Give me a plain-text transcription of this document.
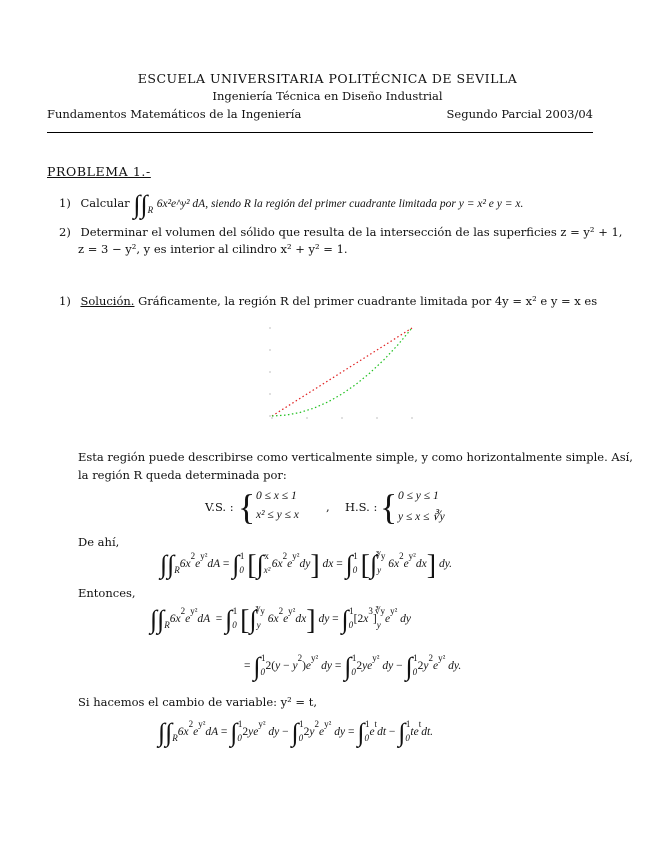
ESCUELA UNIVERSITARIA POLITÉCNICA DE SEVILLA
Ingeniería Técnica en Diseño Industrial
Fundamentos Matemáticos de la Ingeniería	Segundo Parcial 2003/04
PROBLEMA 1.-
1) Calcular $\int\int_R$ 6x²e^y² dA, siendo R la región del primer cuadrante limitada por y = x² e y = x.
2) Determinar el volumen del sólido que resulta de la intersección de las superficies z = y² + 1,
z = 3 − y², y es interior al cilindro x² + y² = 1.
1) Solución. Gráficamente, la región R del primer cuadrante limitada por 4y = x² e y = x es
Esta región puede describirse como verticalmente simple, y como horizontalmente simple. Así,
la región R queda determinada por:
V.S. : { 0 ≤ x ≤ 1
x² ≤ y ≤ x
, H.S. : { 0 ≤ y ≤ 1
y ≤ x ≤ ∛y
De ahí,
$\int\int_R6x^2e^{y^2}dA = \int_0^1$ [$\int_{x^2}^x$ $6x^2e^{y^2}dy$] dx = $\int_0^1$ [$\int_y^{∛y}$ $6x^2e^{y^2}dx$] dy.
Entonces,
$\int\int_R6x^2e^{y^2}dA = \int_0^1$ [$\int_y^{∛y}$ $6x^2e^{y^2}dx$] dy = $\int_0^1[2x^3]_y^{∛y}e^{y^2}$ dy
= $\int_0^12(y - y^2)e^{y^2}$ dy = $\int_0^12ye^{y^2}$ dy − $\int_0^12y^2e^{y^2}$ dy.
Si hacemos el cambio de variable: y² = t,
$\int\int_R6x^2e^{y^2}dA = \int_0^12ye^{y^2}$ dy − $\int_0^12y^2e^{y^2}$ dy = $\int_0^1e^tdt - \int_0^1te^tdt$.
